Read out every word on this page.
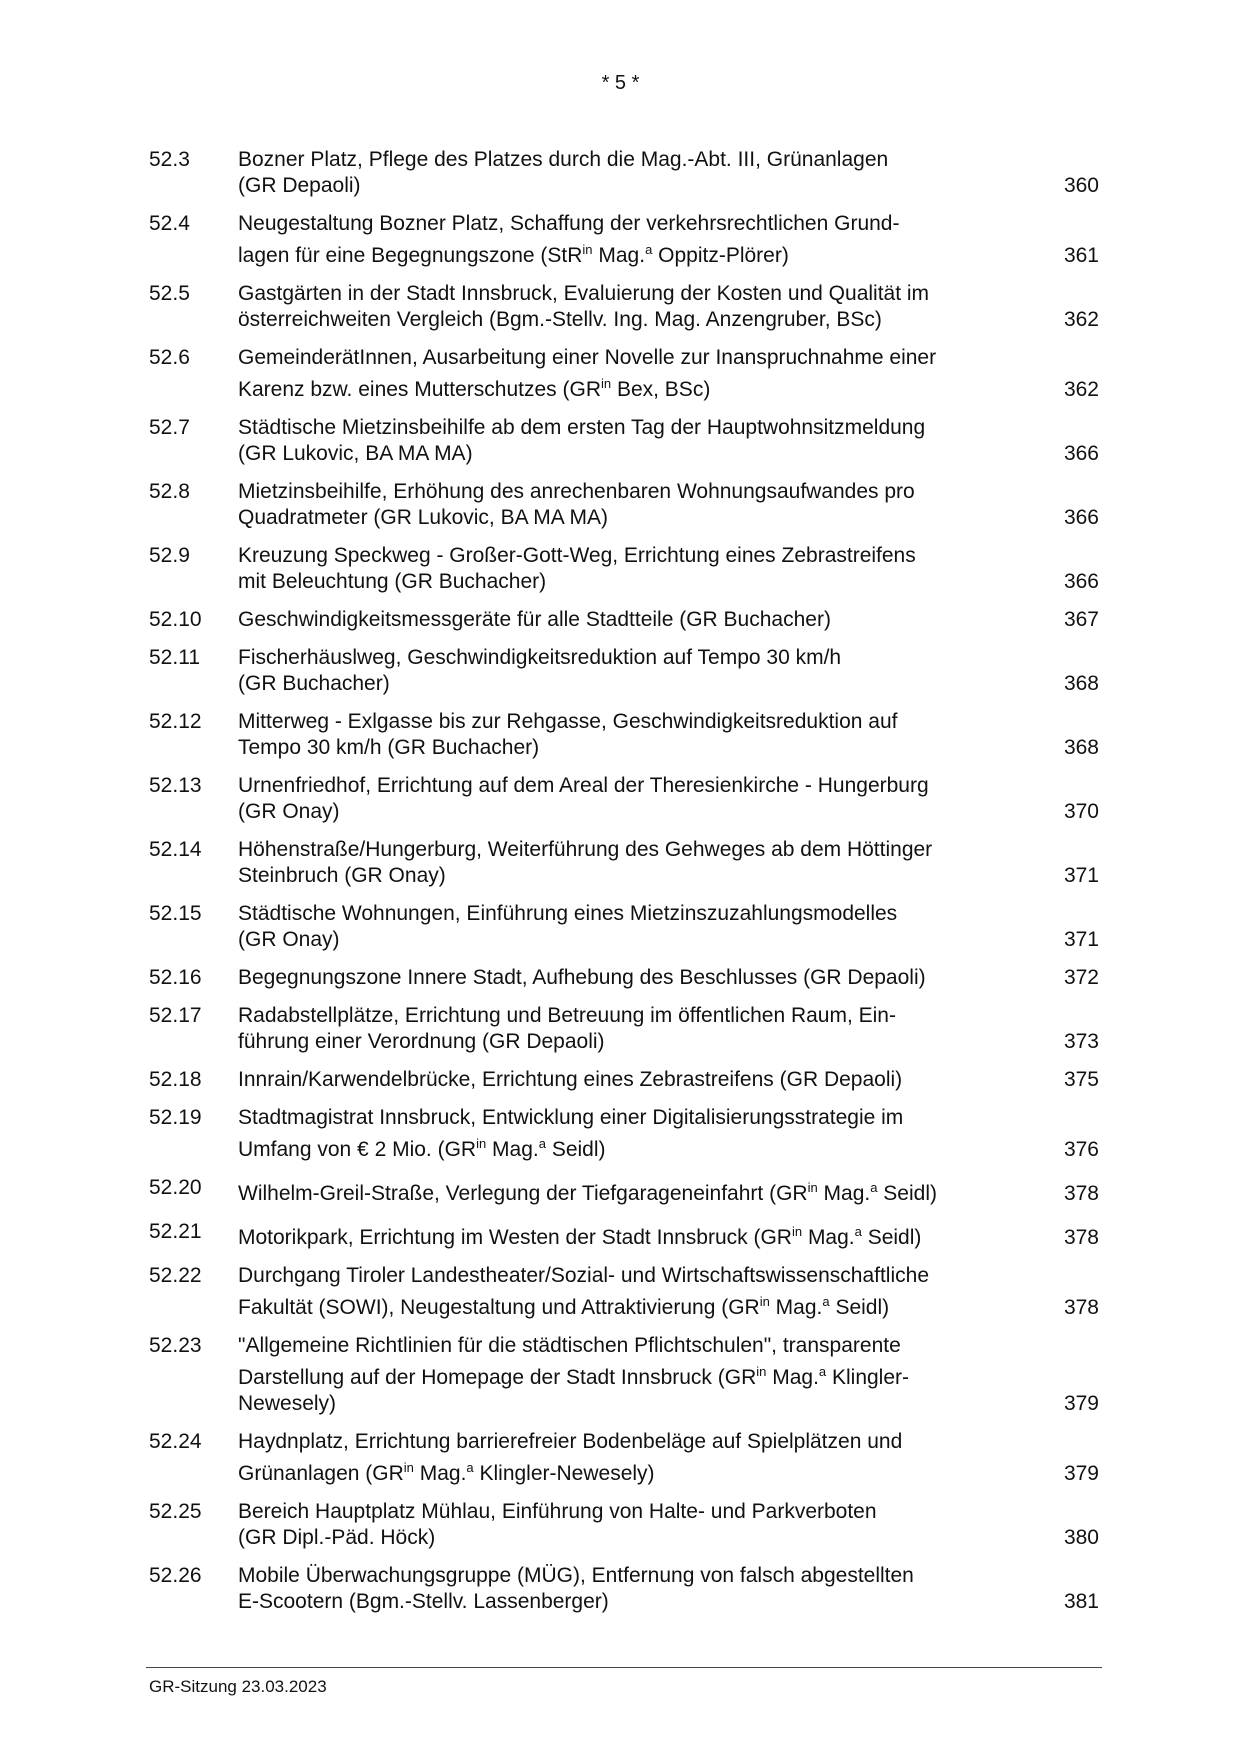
* 5 *
52.3 Bozner Platz, Pflege des Platzes durch die Mag.-Abt. III, Grünanlagen
(GR Depaoli)	360
52.4 Neugestaltung Bozner Platz, Schaffung der verkehrsrechtlichen Grund-
lagen für eine Begegnungszone (StR$^{in}$ Mag.$^a$ Oppitz-Plörer)	361
52.5 Gastgärten in der Stadt Innsbruck, Evaluierung der Kosten und Qualität im
österreichweiten Vergleich (Bgm.-Stellv. Ing. Mag. Anzengruber, BSc)	362
52.6 GemeinderätInnen, Ausarbeitung einer Novelle zur Inanspruchnahme einer
Karenz bzw. eines Mutterschutzes ($GR^{in}$ Bex, BSc)	362
52.7 Städtische Mietzinsbeihilfe ab dem ersten Tag der Hauptwohnsitzmeldung
(GR Lukovic, BA MA MA)	366
52.8 Mietzinsbeihilfe, Erhöhung des anrechenbaren Wohnungsaufwandes pro
Quadratmeter (GR Lukovic, BA MA MA)	366
52.9 Kreuzung Speckweg - Großer-Gott-Weg, Errichtung eines Zebrastreifens
mit Beleuchtung (GR Buchacher)	366
52.10 Geschwindigkeitsmessgeräte für alle Stadtteile (GR Buchacher)	367
52.11 Fischerhäuslweg, Geschwindigkeitsreduktion auf Tempo 30 km/h
(GR Buchacher)	368
52.12 Mitterweg - Exlgasse bis zur Rehgasse, Geschwindigkeitsreduktion auf
Tempo 30 km/h (GR Buchacher)	368
52.13 Urnenfriedhof, Errichtung auf dem Areal der Theresienkirche - Hungerburg
(GR Onay)	370
52.14 Höhenstraße/Hungerburg, Weiterführung des Gehweges ab dem Höttinger
Steinbruch (GR Onay)	371
52.15 Städtische Wohnungen, Einführung eines Mietzinszuzahlungsmodelles
(GR Onay)	371
52.16 Begegnungszone Innere Stadt, Aufhebung des Beschlusses (GR Depaoli)	372
52.17 Radabstellplätze, Errichtung und Betreuung im öffentlichen Raum, Ein-
führung einer Verordnung (GR Depaoli)	373
52.18 Innrain/Karwendelbrücke, Errichtung eines Zebrastreifens (GR Depaoli)	375
52.19 Stadtmagistrat Innsbruck, Entwicklung einer Digitalisierungsstrategie im
Umfang von € 2 Mio. ($GR^{in}$ Mag.$^a$ Seidl)	376
52.20 Wilhelm-Greil-Straße, Verlegung der Tiefgarageneinfahrt ($GR^{in}$ Mag.$^a$ Seidl)	378
52.21 Motorikpark, Errichtung im Westen der Stadt Innsbruck ($GR^{in}$ Mag.$^a$ Seidl)	378
52.22 Durchgang Tiroler Landestheater/Sozial- und Wirtschaftswissenschaftliche
Fakultät (SOWI), Neugestaltung und Attraktivierung ($GR^{in}$ Mag.$^a$ Seidl)	378
52.23 "Allgemeine Richtlinien für die städtischen Pflichtschulen", transparente
Darstellung auf der Homepage der Stadt Innsbruck ($GR^{in}$ Mag.$^a$ Klingler-
Newesely)	379
52.24 Haydnplatz, Errichtung barrierefreier Bodenbeläge auf Spielplätzen und
Grünanlagen ($GR^{in}$ Mag.$^a$ Klingler-Newesely)	379
52.25 Bereich Hauptplatz Mühlau, Einführung von Halte- und Parkverboten
(GR Dipl.-Päd. Höck)	380
52.26 Mobile Überwachungsgruppe (MÜG), Entfernung von falsch abgestellten
E-Scootern (Bgm.-Stellv. Lassenberger)	381
GR-Sitzung 23.03.2023
